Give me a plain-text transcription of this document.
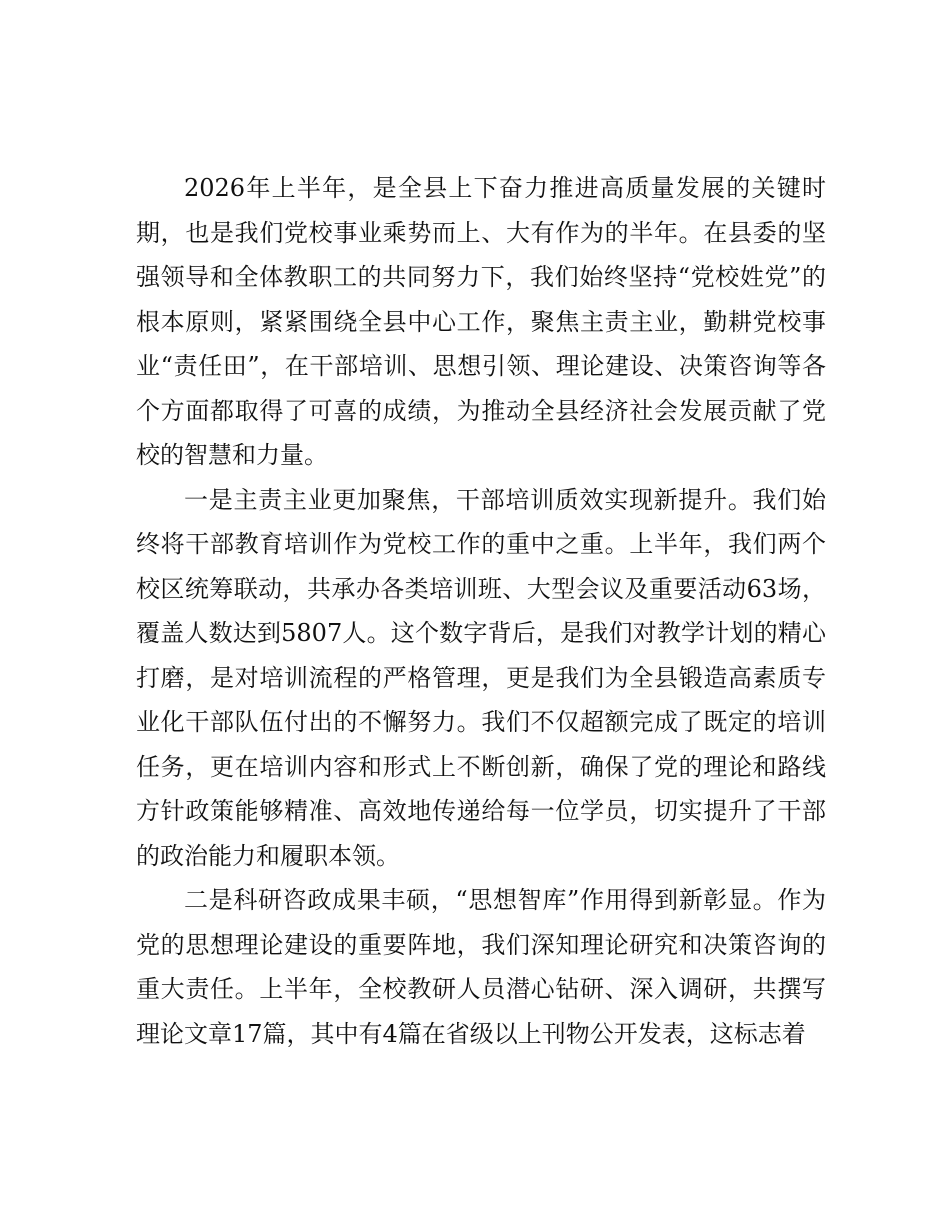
2026年上半年，是全县上下奋力推进高质量发展的关键时期，也是我们党校事业乘势而上、大有作为的半年。在县委的坚强领导和全体教职工的共同努力下，我们始终坚持“党校姓党”的根本原则，紧紧围绕全县中心工作，聚焦主责主业，勤耕党校事业“责任田”，在干部培训、思想引领、理论建设、决策咨询等各个方面都取得了可喜的成绩，为推动全县经济社会发展贡献了党校的智慧和力量。

一是主责主业更加聚焦，干部培训质效实现新提升。我们始终将干部教育培训作为党校工作的重中之重。上半年，我们两个校区统筹联动，共承办各类培训班、大型会议及重要活动63场，覆盖人数达到5807人。这个数字背后，是我们对教学计划的精心打磨，是对培训流程的严格管理，更是我们为全县锻造高素质专业化干部队伍付出的不懈努力。我们不仅超额完成了既定的培训任务，更在培训内容和形式上不断创新，确保了党的理论和路线方针政策能够精准、高效地传递给每一位学员，切实提升了干部的政治能力和履职本领。

二是科研咨政成果丰硕，“思想智库”作用得到新彰显。作为党的思想理论建设的重要阵地，我们深知理论研究和决策咨询的重大责任。上半年，全校教研人员潜心钻研、深入调研，共撰写理论文章17篇，其中有4篇在省级以上刊物公开发表，这标志着
